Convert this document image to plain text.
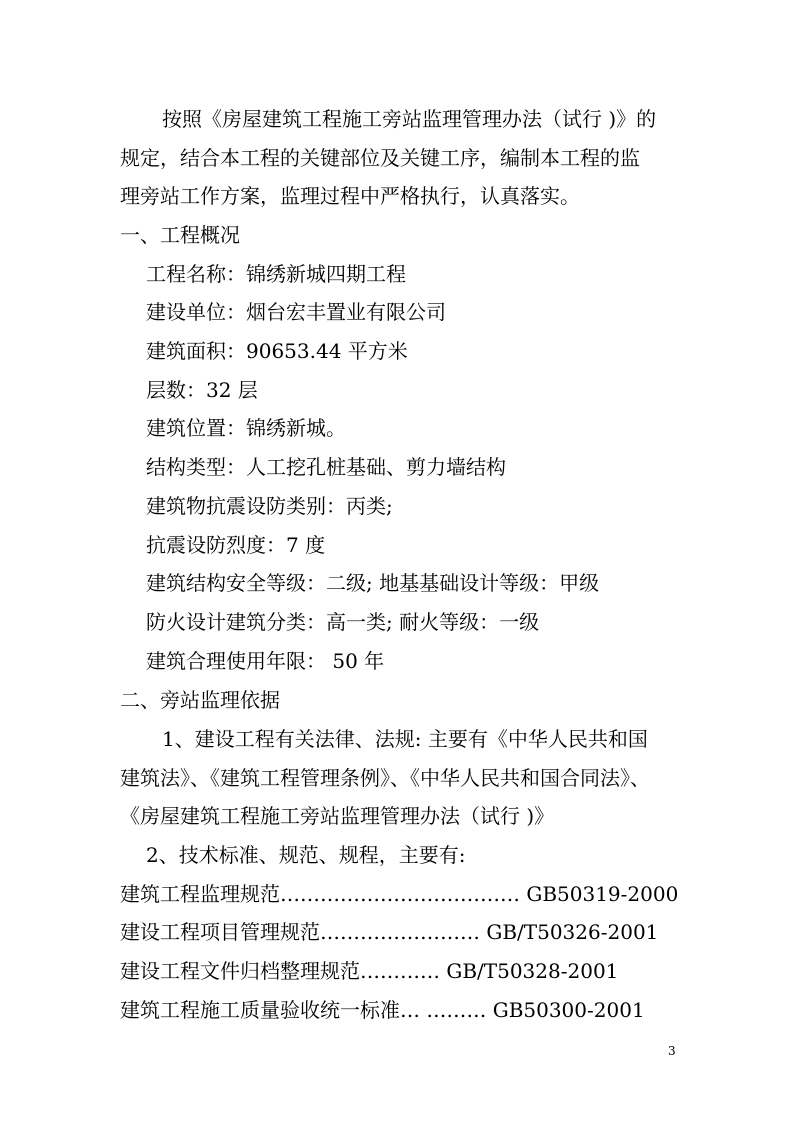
按照《房屋建筑工程施工旁站监理管理办法（试行 )》的
规定，结合本工程的关键部位及关键工序，编制本工程的监
理旁站工作方案，监理过程中严格执行，认真落实。
一、工程概况
工程名称：锦绣新城四期工程
建设单位：烟台宏丰置业有限公司
建筑面积：90653.44 平方米
层数：32 层
建筑位置：锦绣新城。
结构类型：人工挖孔桩基础、剪力墙结构
建筑物抗震设防类别：丙类;
抗震设防烈度：7 度
建筑结构安全等级：二级; 地基基础设计等级：甲级
防火设计建筑分类：高一类; 耐火等级：一级
建筑合理使用年限： 50 年
二、旁站监理依据
1、建设工程有关法律、法规: 主要有《中华人民共和国
建筑法》、《建筑工程管理条例》、《中华人民共和国合同法》、
《房屋建筑工程施工旁站监理管理办法（试行 )》
2、技术标准、规范、规程，主要有:
建筑工程监理规范……………………………… GB50319-2000
建设工程项目管理规范…………………… GB/T50326-2001
建设工程文件归档整理规范………… GB/T50328-2001
建筑工程施工质量验收统一标准… ……… GB50300-2001
3
